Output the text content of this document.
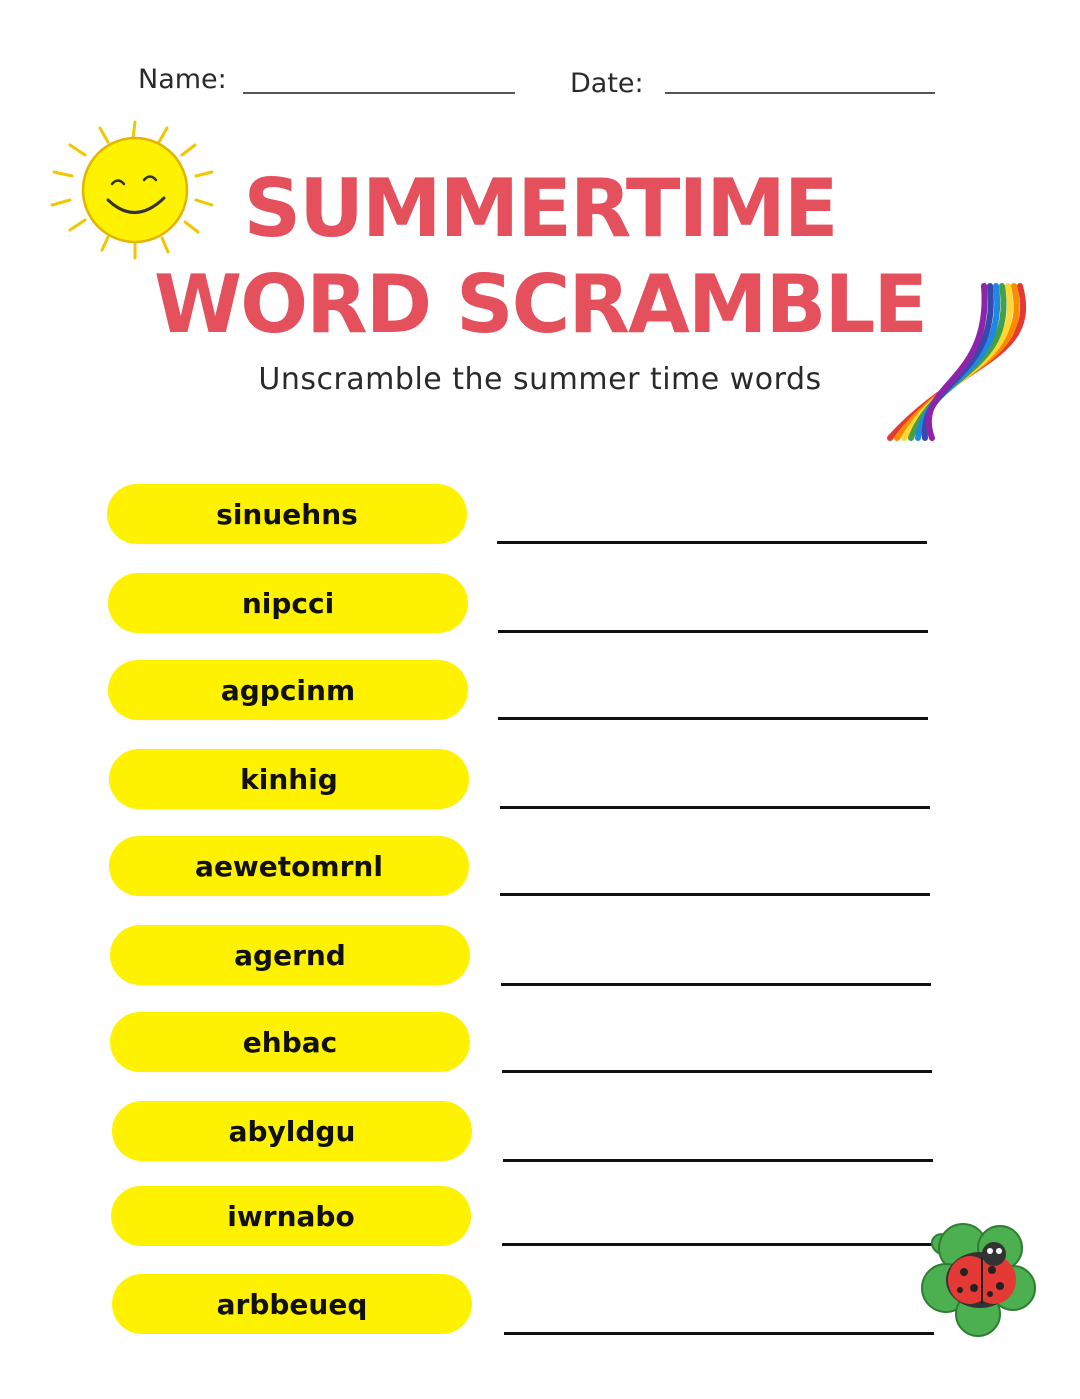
Name:	Date:
SUMMERTIME
WORD SCRAMBLE
Unscramble the summer time words
sinuehns
nipcci
agpcinm
kinhig
aewetomrnl
agernd
ehbac
abyldgu
iwrnabo
arbbeueq
